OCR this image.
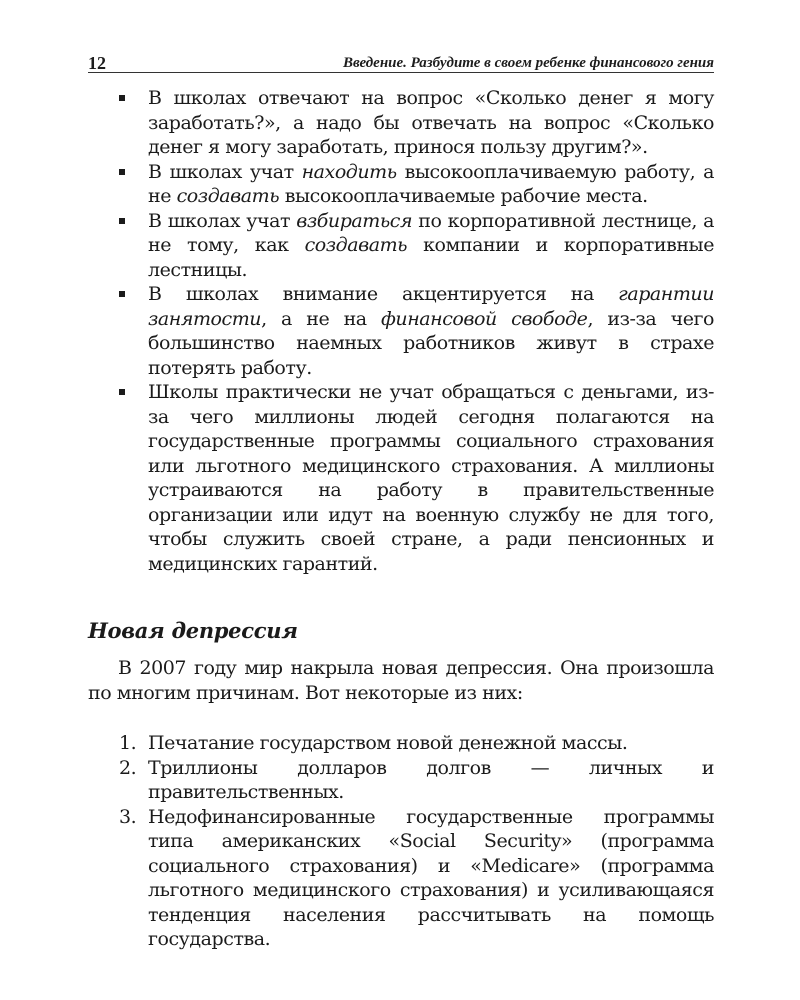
12	Введение. Разбудите в своем ребенке финансового гения
В школах отвечают на вопрос «Сколько денег я могу заработать?», а надо бы отвечать на вопрос «Сколько денег я могу заработать, принося пользу другим?».
В школах учат находить высокооплачиваемую работу, а не создавать высокооплачиваемые рабочие места.
В школах учат взбираться по корпоративной лестнице, а не тому, как создавать компании и корпоративные лестницы.
В школах внимание акцентируется на гарантии занятости, а не на финансовой свободе, из-за чего большинство наемных работников живут в страхе потерять работу.
Школы практически не учат обращаться с деньгами, из-за чего миллионы людей сегодня полагаются на государственные программы социального страхования или льготного медицинского страхования. А миллионы устраиваются на работу в правительственные организации или идут на военную службу не для того, чтобы служить своей стране, а ради пенсионных и медицинских гарантий.
Новая депрессия

В 2007 году мир накрыла новая депрессия. Она произошла по многим причинам. Вот некоторые из них:

1. Печатание государством новой денежной массы.
2. Триллионы долларов долгов — личных и правительственных.
3. Недофинансированные государственные программы типа американских «Social Security» (программа социального страхования) и «Medicare» (программа льготного медицинского страхования) и усиливающаяся тенденция населения рассчитывать на помощь государства.
